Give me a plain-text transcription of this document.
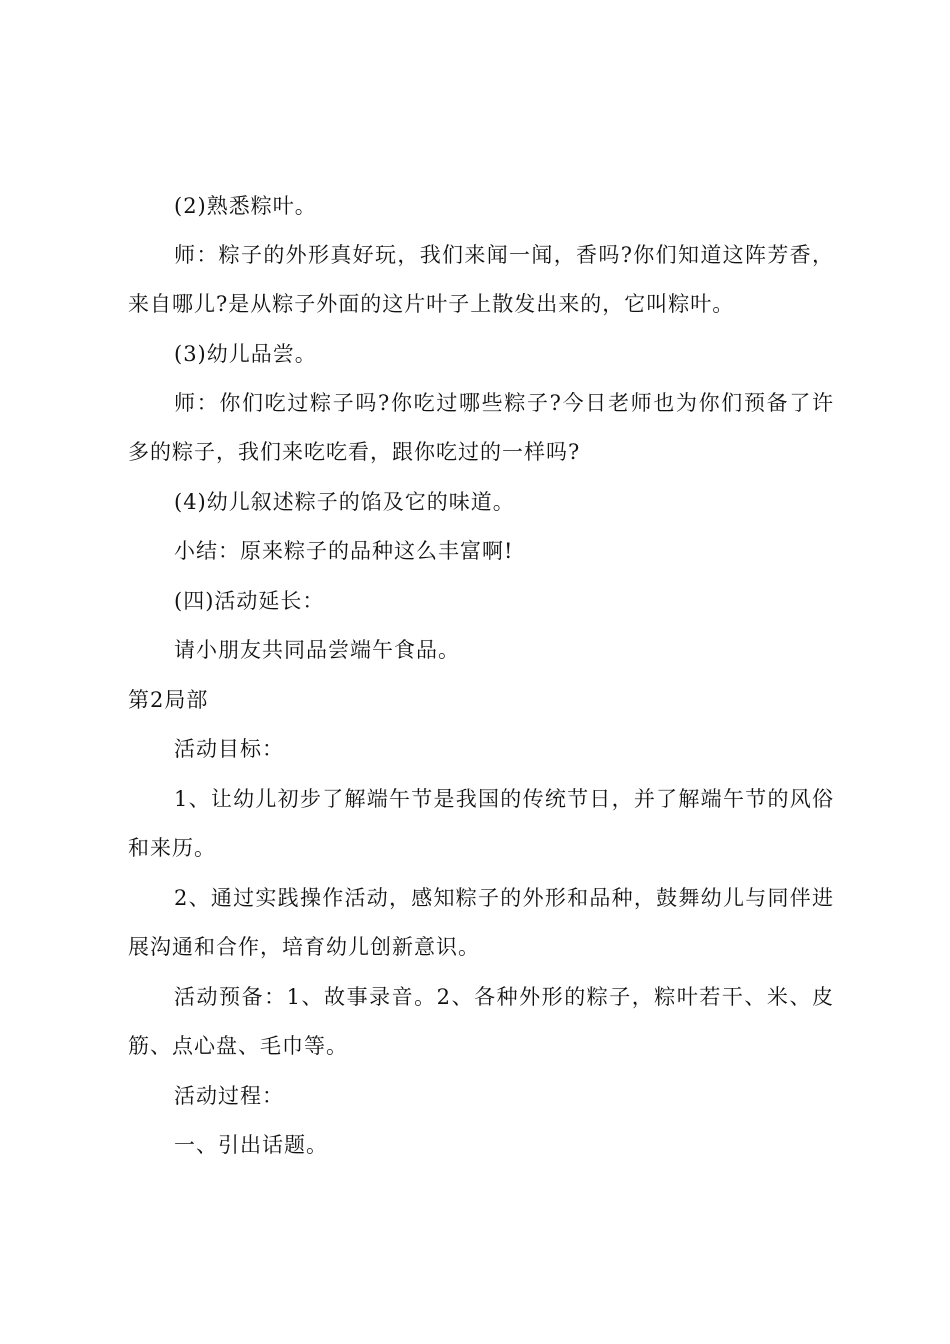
(2)熟悉粽叶。
师：粽子的外形真好玩，我们来闻一闻，香吗?你们知道这阵芳香，
来自哪儿?是从粽子外面的这片叶子上散发出来的，它叫粽叶。
(3)幼儿品尝。
师：你们吃过粽子吗?你吃过哪些粽子?今日老师也为你们预备了许
多的粽子，我们来吃吃看，跟你吃过的一样吗?
(4)幼儿叙述粽子的馅及它的味道。
小结：原来粽子的品种这么丰富啊!
(四)活动延长：
请小朋友共同品尝端午食品。
第2局部
活动目标：
1、让幼儿初步了解端午节是我国的传统节日，并了解端午节的风俗
和来历。
2、通过实践操作活动，感知粽子的外形和品种，鼓舞幼儿与同伴进
展沟通和合作，培育幼儿创新意识。
活动预备：1、故事录音。2、各种外形的粽子，粽叶若干、米、皮
筋、点心盘、毛巾等。
活动过程：
一、引出话题。
